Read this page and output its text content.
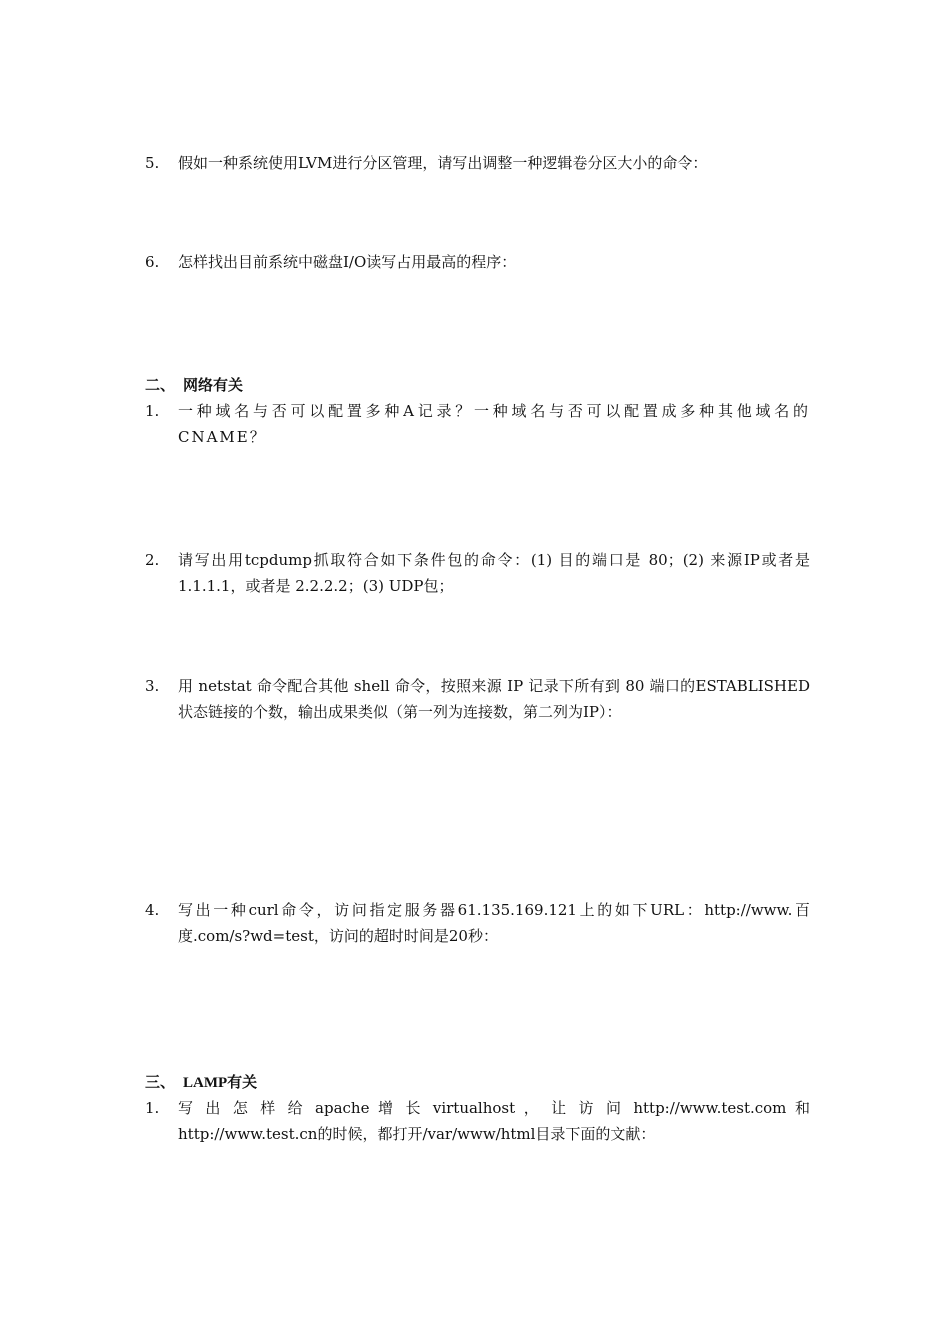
5.	假如一种系统使用LVM进行分区管理，请写出调整一种逻辑卷分区大小的命令：
6.	怎样找出目前系统中磁盘I/O读写占用最高的程序：
二、 网络有关
1.	一种域名与否可以配置多种A记录？一种域名与否可以配置成多种其他域名的CNAME？
2.	请写出用tcpdump抓取符合如下条件包的命令：(1) 目的端口是 80；(2) 来源IP或者是1.1.1.1，或者是 2.2.2.2；(3) UDP包；
3.	用 netstat 命令配合其他 shell 命令，按照来源 IP 记录下所有到 80 端口的ESTABLISHED状态链接的个数，输出成果类似（第一列为连接数，第二列为IP）：
4.	写出一种curl命令，访问指定服务器61.135.169.121上的如下URL：http://www.百度.com/s?wd=test，访问的超时时间是20秒：
三、 LAMP有关
1.	写 出 怎 样 给 apache 增 长 virtualhost ， 让 访 问 http://www.test.com 和http://www.test.cn的时候，都打开/var/www/html目录下面的文献：
